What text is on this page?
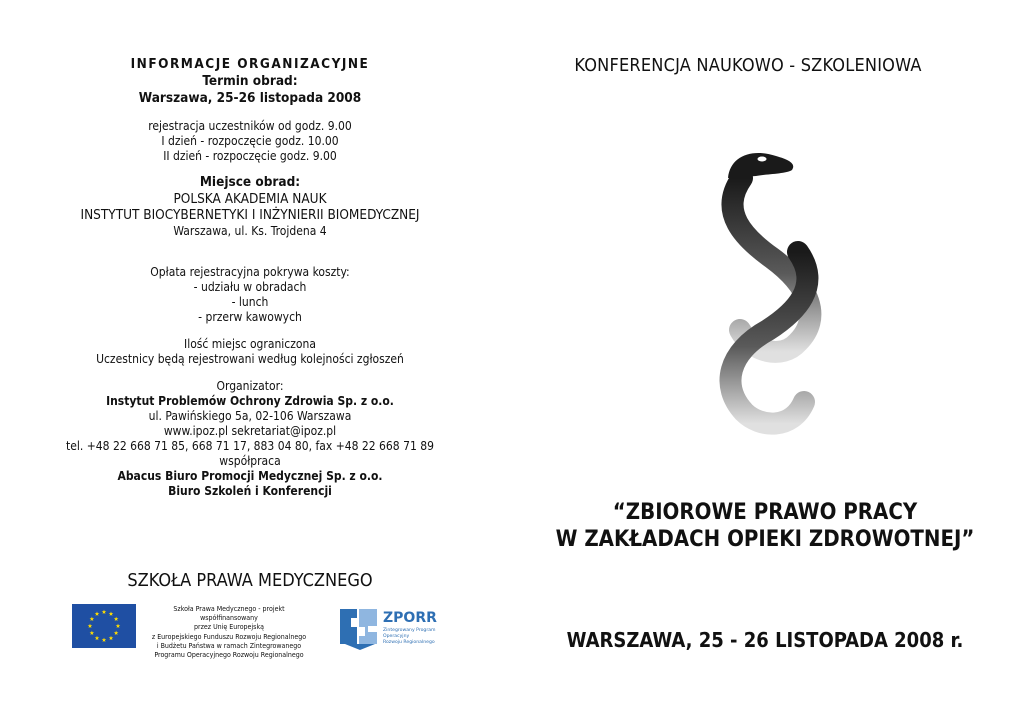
INFORMACJE ORGANIZACYJNE
Termin obrad:
Warszawa, 25-26 listopada 2008
rejestracja uczestników od godz. 9.00
I dzień - rozpoczęcie godz. 10.00
II dzień - rozpoczęcie godz. 9.00
Miejsce obrad:
POLSKA AKADEMIA NAUK
INSTYTUT BIOCYBERNETYKI I INŻYNIERII BIOMEDYCZNEJ
Warszawa, ul. Ks. Trojdena 4
Opłata rejestracyjna pokrywa koszty:
- udziału w obradach
- lunch
- przerw kawowych
Ilość miejsc ograniczona
Uczestnicy będą rejestrowani według kolejności zgłoszeń
Organizator:
Instytut Problemów Ochrony Zdrowia Sp. z o.o.
ul. Pawińskiego 5a, 02-106 Warszawa
www.ipoz.pl sekretariat@ipoz.pl
tel. +48 22 668 71 85, 668 71 17, 883 04 80, fax +48 22 668 71 89
współpraca
Abacus Biuro Promocji Medycznej Sp. z o.o.
Biuro Szkoleń i Konferencji
SZKOŁA PRAWA MEDYCZNEGO
Szkoła Prawa Medycznego - projekt współfinansowany
przez Unię Europejską
z Europejskiego Funduszu Rozwoju Regionalnego
i Budżetu Państwa w ramach Zintegrowanego
Programu Operacyjnego Rozwoju Regionalnego
ZPORR
Zintegrowany Program
Operacyjny
Rozwoju Regionalnego
KONFERENCJA NAUKOWO - SZKOLENIOWA
“ZBIOROWE PRAWO PRACY
W ZAKŁADACH OPIEKI ZDROWOTNEJ”
WARSZAWA, 25 - 26 LISTOPADA 2008 r.
